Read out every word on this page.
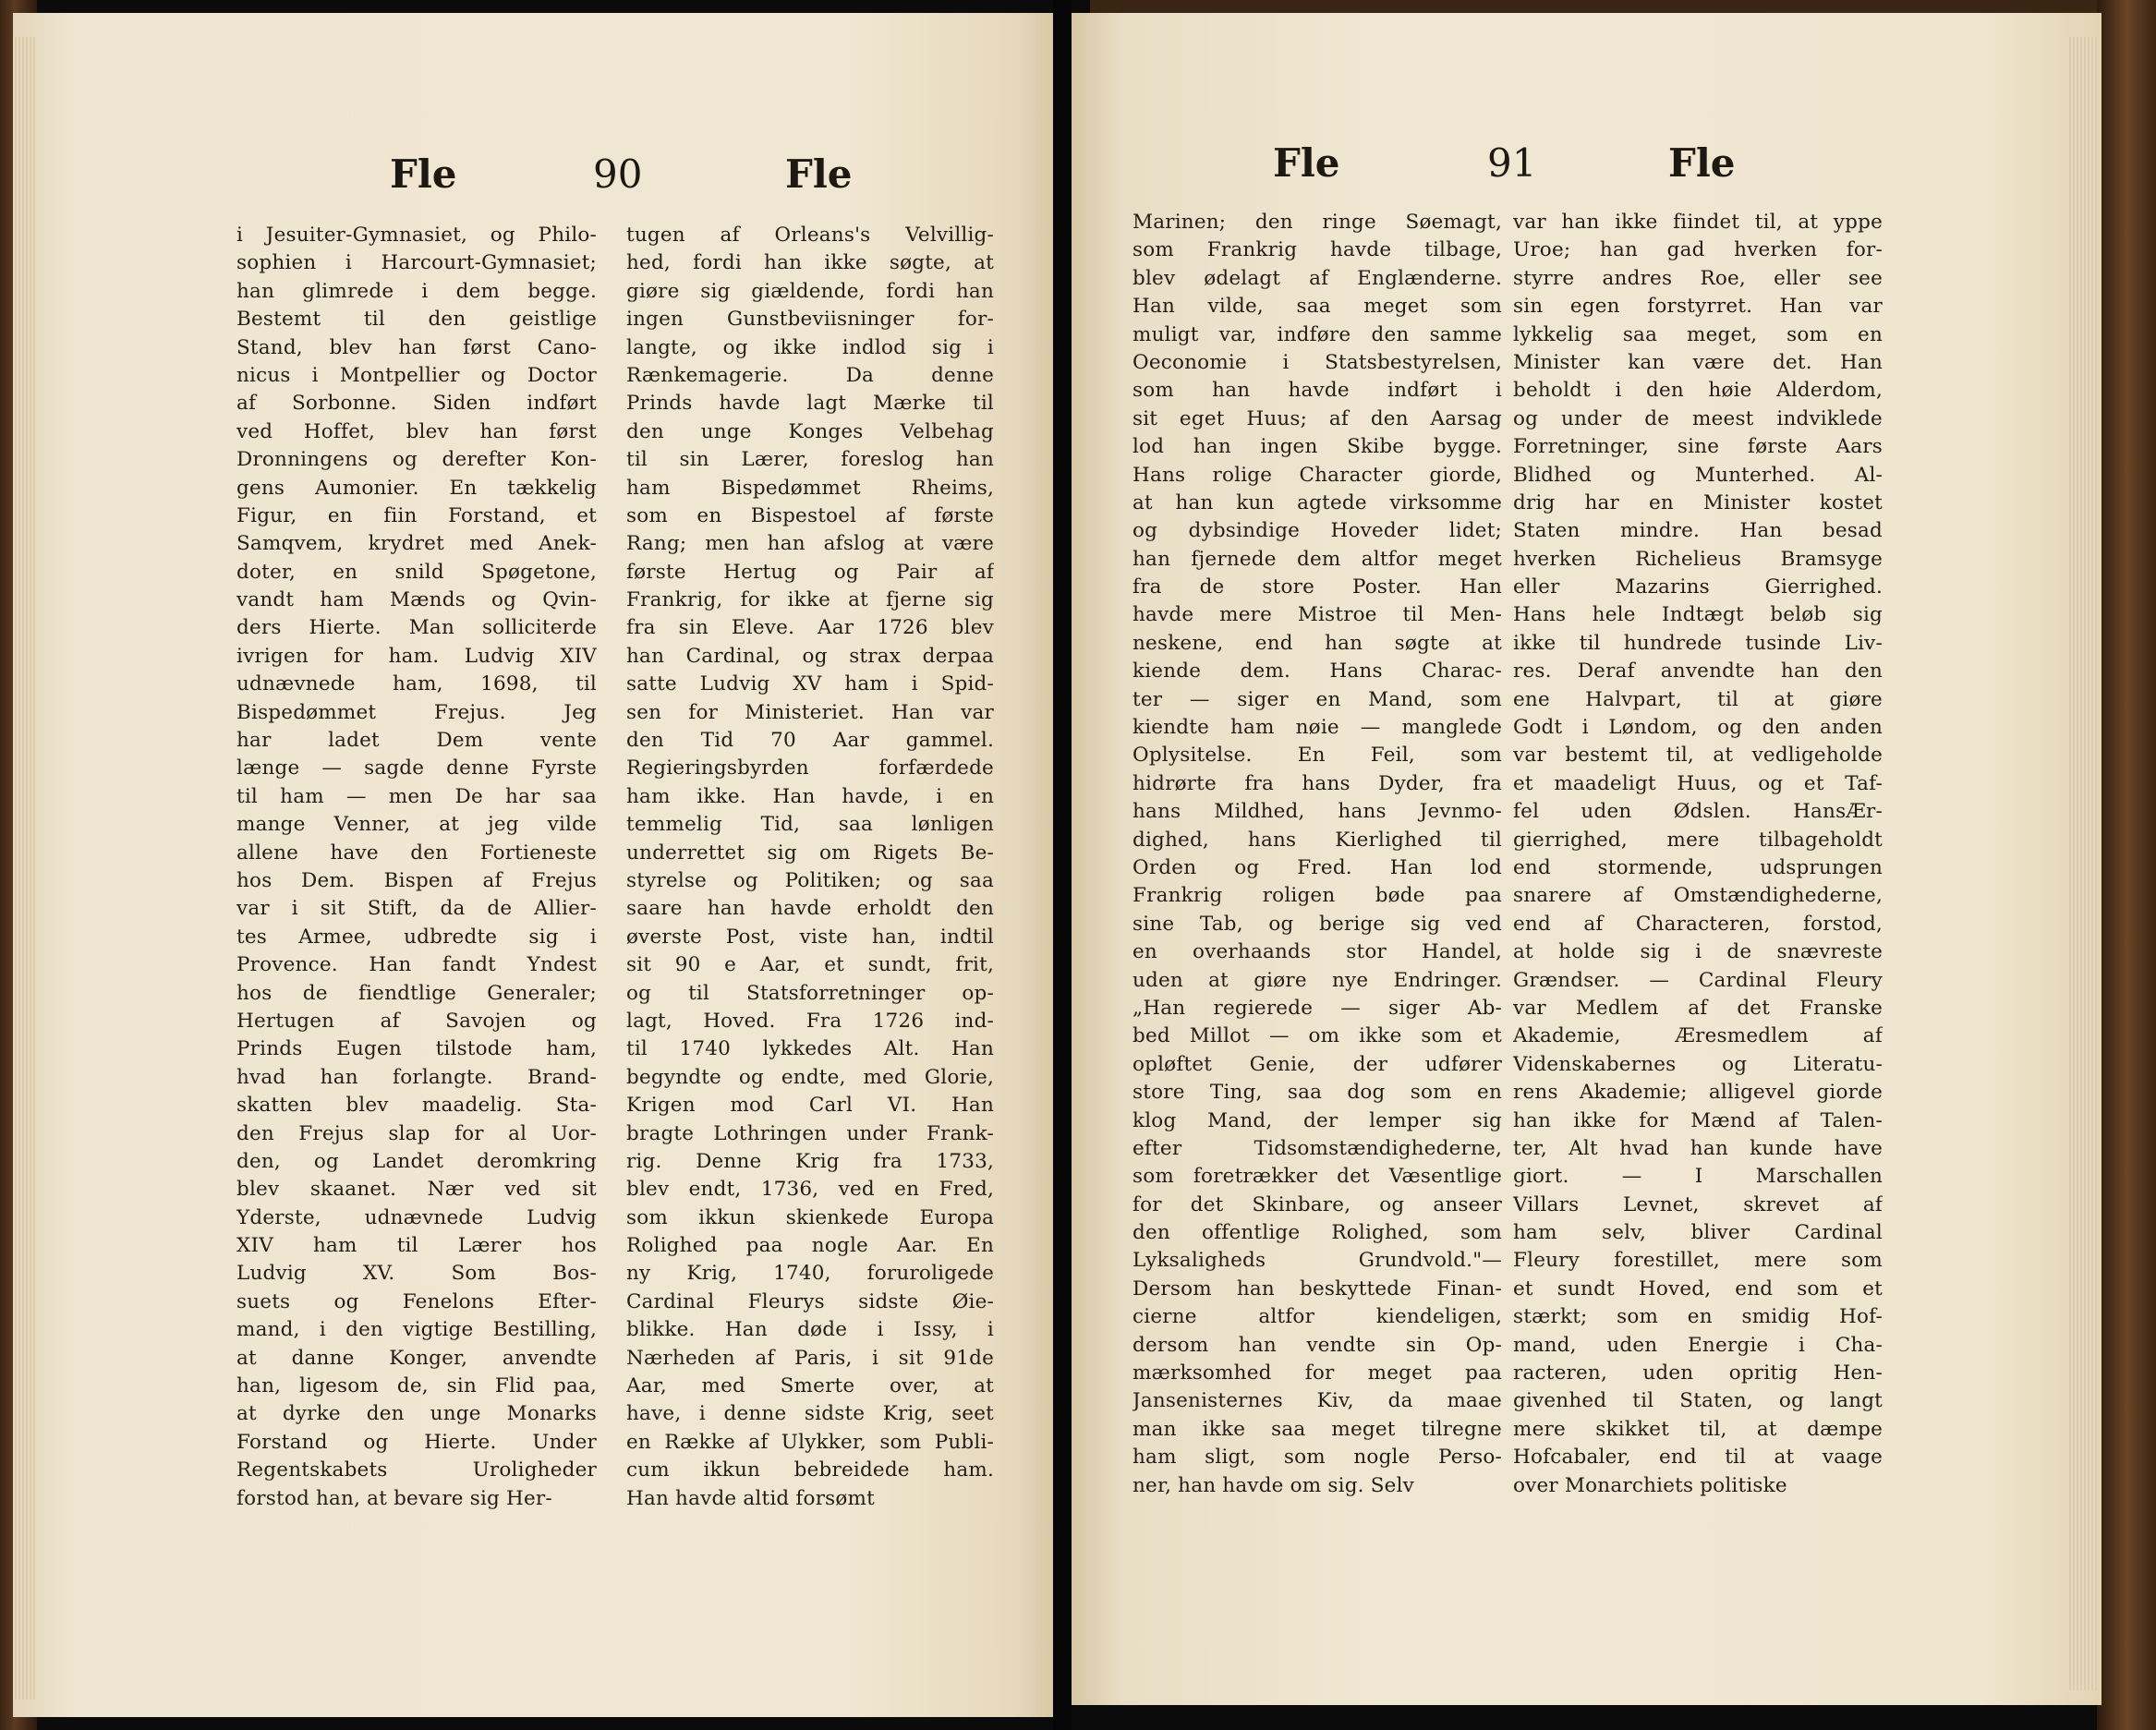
Fle	90	Fle
i Jesuiter-Gymnasiet, og Philo-
sophien i Harcourt-Gymnasiet;
han glimrede i dem begge.
Bestemt til den geistlige
Stand, blev han først Cano-
nicus i Montpellier og Doctor
af Sorbonne. Siden indført
ved Hoffet, blev han først
Dronningens og derefter Kon-
gens Aumonier. En tækkelig
Figur, en fiin Forstand, et
Samqvem, krydret med Anek-
doter, en snild Spøgetone,
vandt ham Mænds og Qvin-
ders Hierte. Man solliciterde
ivrigen for ham. Ludvig XIV
udnævnede ham, 1698, til
Bispedømmet Frejus. Jeg
har ladet Dem vente
længe — sagde denne Fyrste
til ham — men De har saa
mange Venner, at jeg vilde
allene have den Fortieneste
hos Dem. Bispen af Frejus
var i sit Stift, da de Allier-
tes Armee, udbredte sig i
Provence. Han fandt Yndest
hos de fiendtlige Generaler;
Hertugen af Savojen og
Prinds Eugen tilstode ham,
hvad han forlangte. Brand-
skatten blev maadelig. Sta-
den Frejus slap for al Uor-
den, og Landet deromkring
blev skaanet. Nær ved sit
Yderste, udnævnede Ludvig
XIV ham til Lærer hos
Ludvig XV. Som Bos-
suets og Fenelons Efter-
mand, i den vigtige Bestilling,
at danne Konger, anvendte
han, ligesom de, sin Flid paa,
at dyrke den unge Monarks
Forstand og Hierte. Under
Regentskabets Uroligheder
forstod han, at bevare sig Her-
tugen af Orleans's Velvillig-
hed, fordi han ikke søgte, at
giøre sig giældende, fordi han
ingen Gunstbeviisninger for-
langte, og ikke indlod sig i
Rænkemagerie. Da denne
Prinds havde lagt Mærke til
den unge Konges Velbehag
til sin Lærer, foreslog han
ham Bispedømmet Rheims,
som en Bispestoel af første
Rang; men han afslog at være
første Hertug og Pair af
Frankrig, for ikke at fjerne sig
fra sin Eleve. Aar 1726 blev
han Cardinal, og strax derpaa
satte Ludvig XV ham i Spid-
sen for Ministeriet. Han var
den Tid 70 Aar gammel.
Regieringsbyrden forfærdede
ham ikke. Han havde, i en
temmelig Tid, saa lønligen
underrettet sig om Rigets Be-
styrelse og Politiken; og saa
saare han havde erholdt den
øverste Post, viste han, indtil
sit 90 e Aar, et sundt, frit,
og til Statsforretninger op-
lagt, Hoved. Fra 1726 ind-
til 1740 lykkedes Alt. Han
begyndte og endte, med Glorie,
Krigen mod Carl VI. Han
bragte Lothringen under Frank-
rig. Denne Krig fra 1733,
blev endt, 1736, ved en Fred,
som ikkun skienkede Europa
Rolighed paa nogle Aar. En
ny Krig, 1740, foruroligede
Cardinal Fleurys sidste Øie-
blikke. Han døde i Issy, i
Nærheden af Paris, i sit 91de
Aar, med Smerte over, at
have, i denne sidste Krig, seet
en Række af Ulykker, som Publi-
cum ikkun bebreidede ham.
Han havde altid forsømt
Fle	91	Fle
Marinen; den ringe Søemagt,
som Frankrig havde tilbage,
blev ødelagt af Englænderne.
Han vilde, saa meget som
muligt var, indføre den samme
Oeconomie i Statsbestyrelsen,
som han havde indført i
sit eget Huus; af den Aarsag
lod han ingen Skibe bygge.
Hans rolige Character giorde,
at han kun agtede virksomme
og dybsindige Hoveder lidet;
han fjernede dem altfor meget
fra de store Poster. Han
havde mere Mistroe til Men-
neskene, end han søgte at
kiende dem. Hans Charac-
ter — siger en Mand, som
kiendte ham nøie — manglede
Oplysitelse. En Feil, som
hidrørte fra hans Dyder, fra
hans Mildhed, hans Jevnmo-
dighed, hans Kierlighed til
Orden og Fred. Han lod
Frankrig roligen bøde paa
sine Tab, og berige sig ved
en overhaands stor Handel,
uden at giøre nye Endringer.
„Han regierede — siger Ab-
bed Millot — om ikke som et
opløftet Genie, der udfører
store Ting, saa dog som en
klog Mand, der lemper sig
efter Tidsomstændighederne,
som foretrækker det Væsentlige
for det Skinbare, og anseer
den offentlige Rolighed, som
Lyksaligheds Grundvold."—
Dersom han beskyttede Finan-
cierne altfor kiendeligen,
dersom han vendte sin Op-
mærksomhed for meget paa
Jansenisternes Kiv, da maae
man ikke saa meget tilregne
ham sligt, som nogle Perso-
ner, han havde om sig. Selv
var han ikke fiindet til, at yppe
Uroe; han gad hverken for-
styrre andres Roe, eller see
sin egen forstyrret. Han var
lykkelig saa meget, som en
Minister kan være det. Han
beholdt i den høie Alderdom,
og under de meest indviklede
Forretninger, sine første Aars
Blidhed og Munterhed. Al-
drig har en Minister kostet
Staten mindre. Han besad
hverken Richelieus Bramsyge
eller Mazarins Gierrighed.
Hans hele Indtægt beløb sig
ikke til hundrede tusinde Liv-
res. Deraf anvendte han den
ene Halvpart, til at giøre
Godt i Løndom, og den anden
var bestemt til, at vedligeholde
et maadeligt Huus, og et Taf-
fel uden Ødslen. HansÆr-
gierrighed, mere tilbageholdt
end stormende, udsprungen
snarere af Omstændighederne,
end af Characteren, forstod,
at holde sig i de snævreste
Grændser. — Cardinal Fleury
var Medlem af det Franske
Akademie, Æresmedlem af
Videnskabernes og Literatu-
rens Akademie; alligevel giorde
han ikke for Mænd af Talen-
ter, Alt hvad han kunde have
giort. — I Marschallen
Villars Levnet, skrevet af
ham selv, bliver Cardinal
Fleury forestillet, mere som
et sundt Hoved, end som et
stærkt; som en smidig Hof-
mand, uden Energie i Cha-
racteren, uden opritig Hen-
givenhed til Staten, og langt
mere skikket til, at dæmpe
Hofcabaler, end til at vaage
over Monarchiets politiske
